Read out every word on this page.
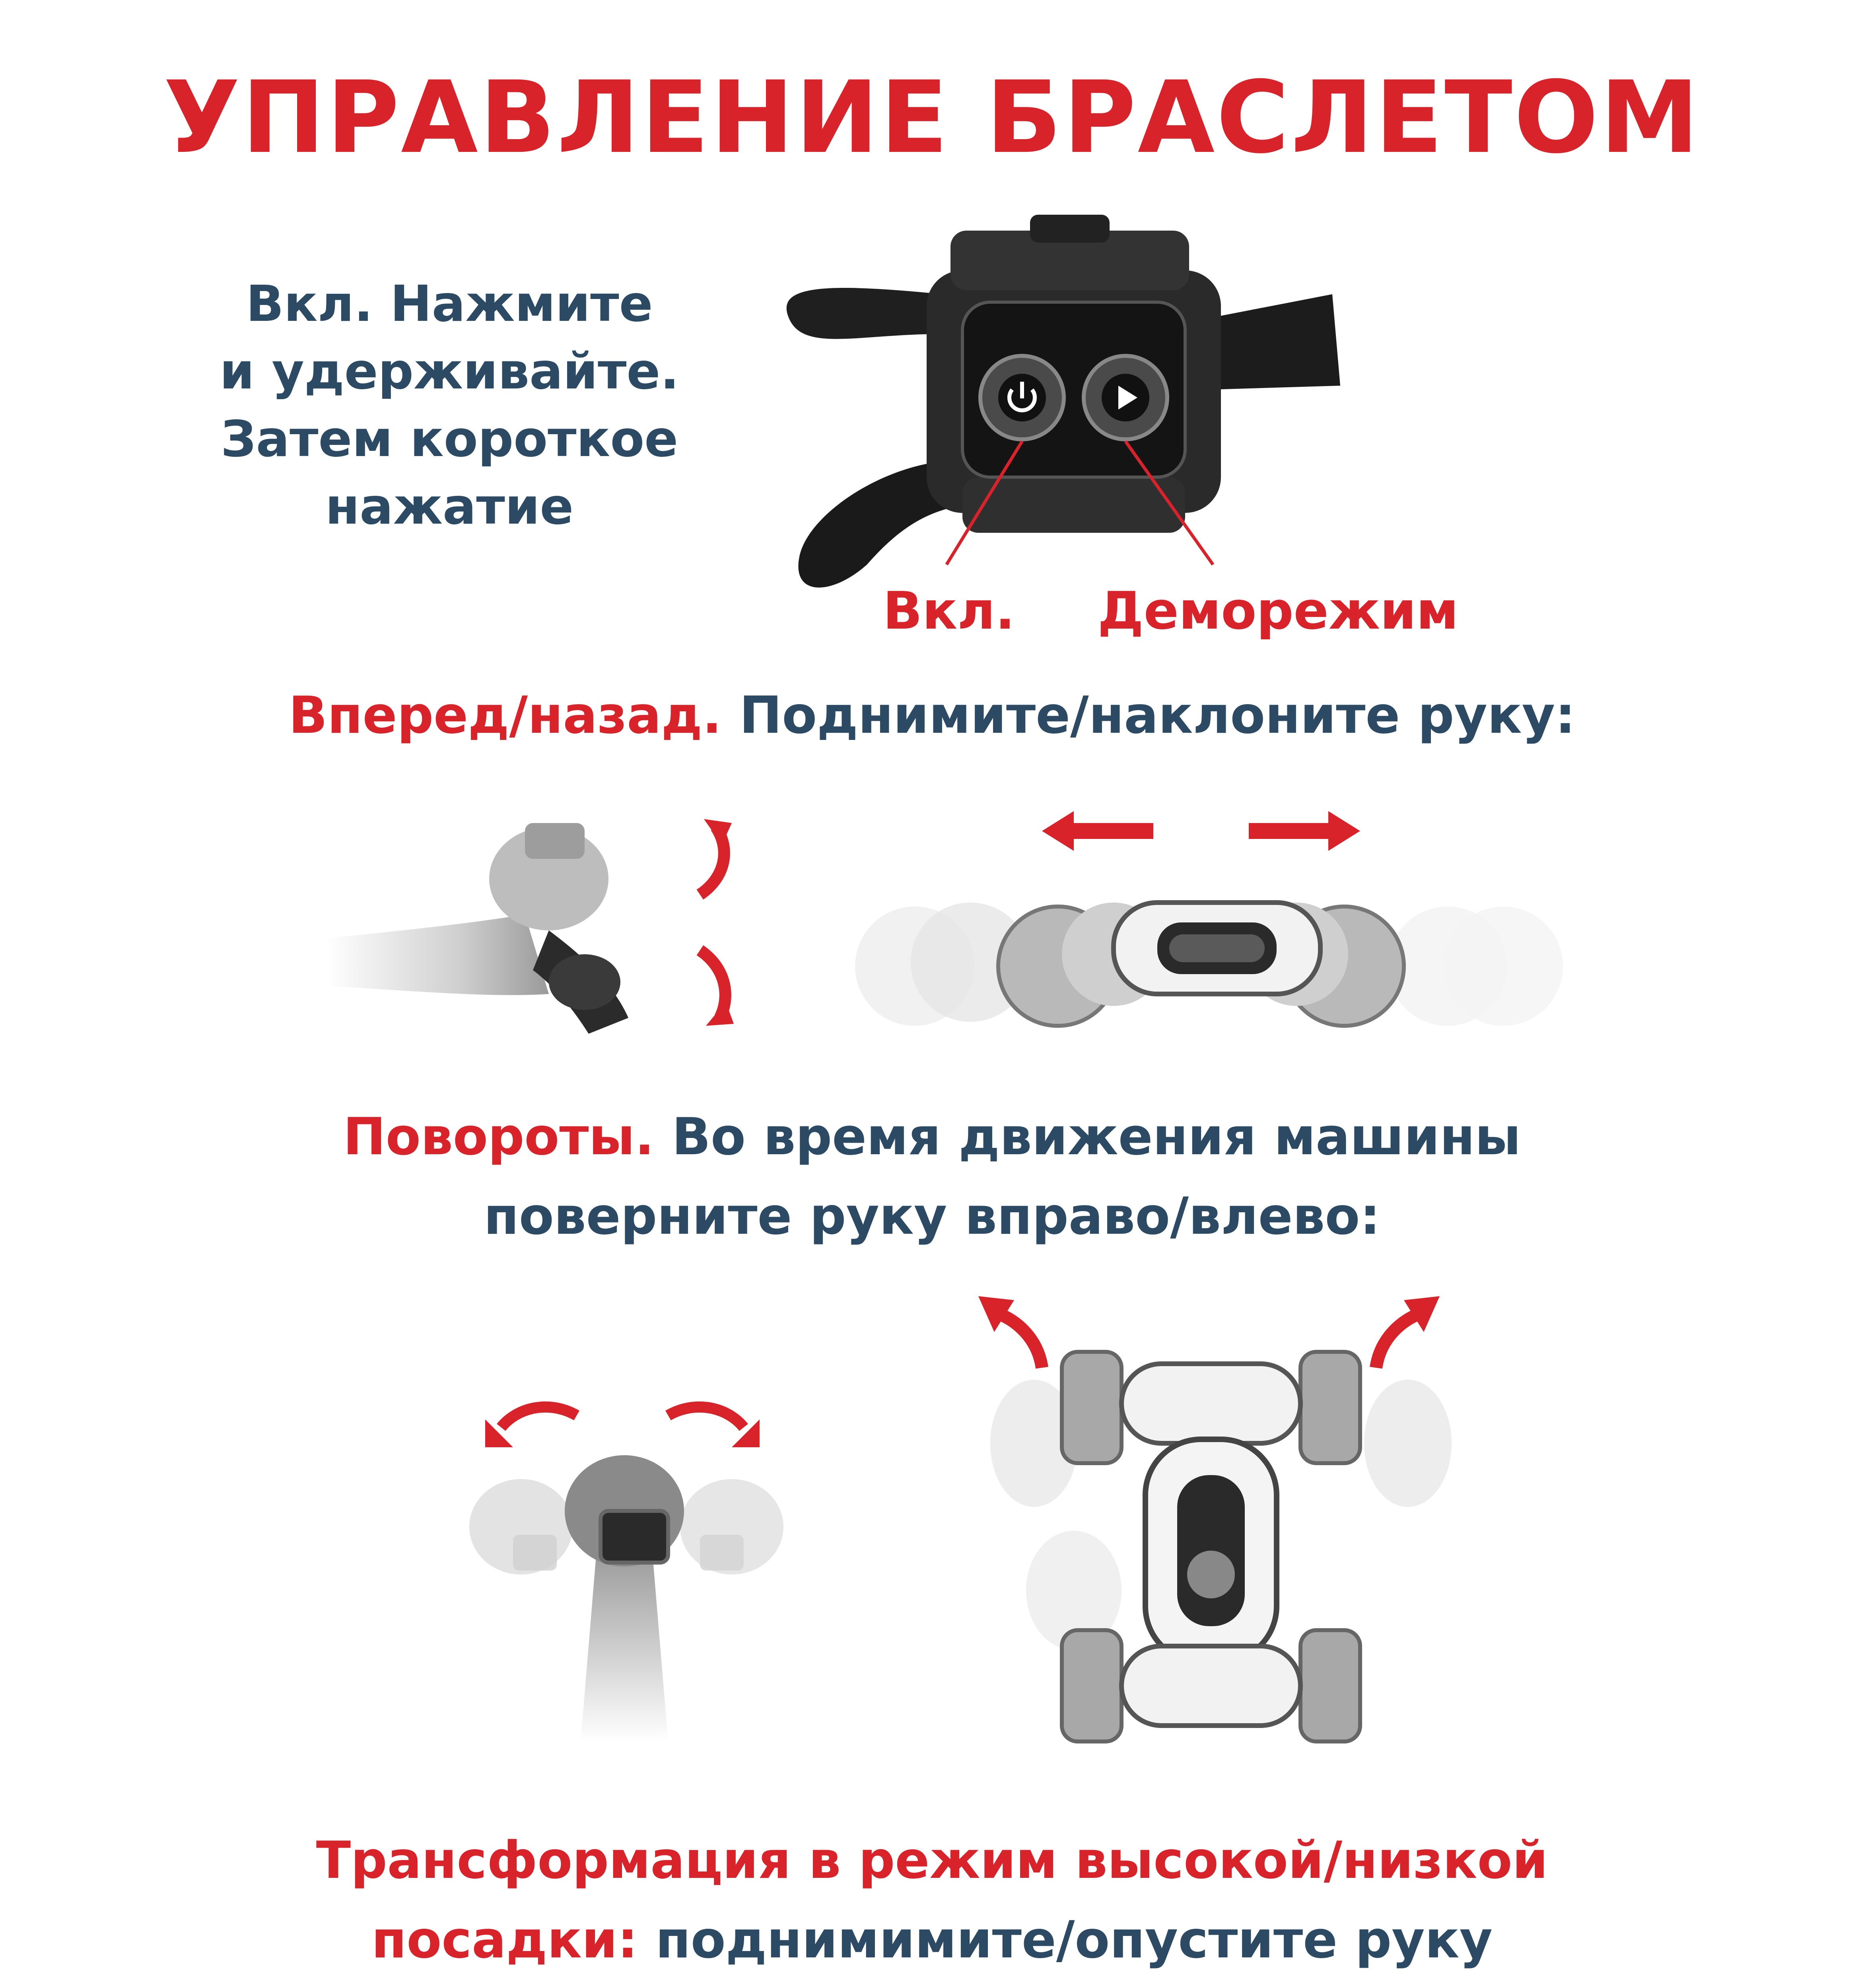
УПРАВЛЕНИЕ БРАСЛЕТОМ
Вкл. Нажмите
и удерживайте.
Затем короткое
нажатие
Вкл. Деморежим
Вперед/назад. Поднимите/наклоните руку:
Повороты. Во время движения машины
поверните руку вправо/влево:
Трансформация в режим высокой/низкой
посадки: поднимимите/опустите руку
